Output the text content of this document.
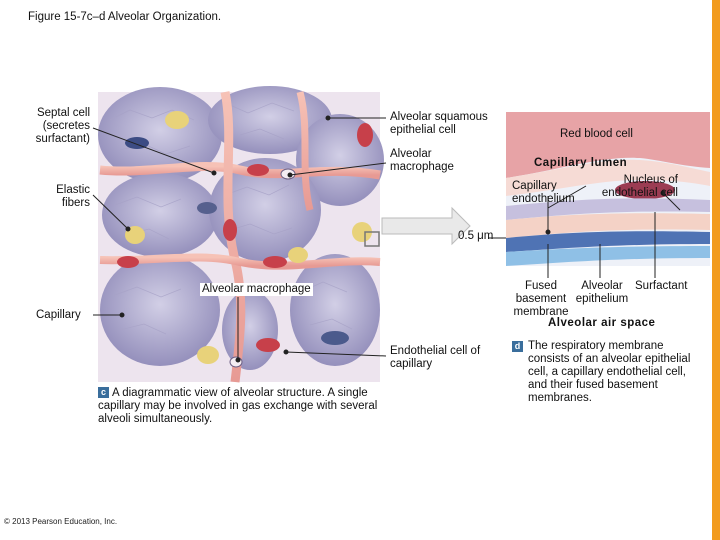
Figure 15-7c–d Alveolar Organization.
Septal cell (secretes surfactant)
Elastic fibers
Capillary
Alveolar squamous epithelial cell
Alveolar macrophage
Alveolar macrophage
Endothelial cell of capillary
c A diagrammatic view of alveolar structure. A single capillary may be involved in gas exchange with several alveoli simultaneously.
Red blood cell
Capillary lumen
Capillary endothelium
Nucleus of endothelial cell
0.5 μm
Fused basement membrane
Alveolar epithelium
Surfactant
Alveolar air space
d The respiratory membrane consists of an alveolar epithelial cell, a capillary endothelial cell, and their fused basement membranes.
© 2013 Pearson Education, Inc.
